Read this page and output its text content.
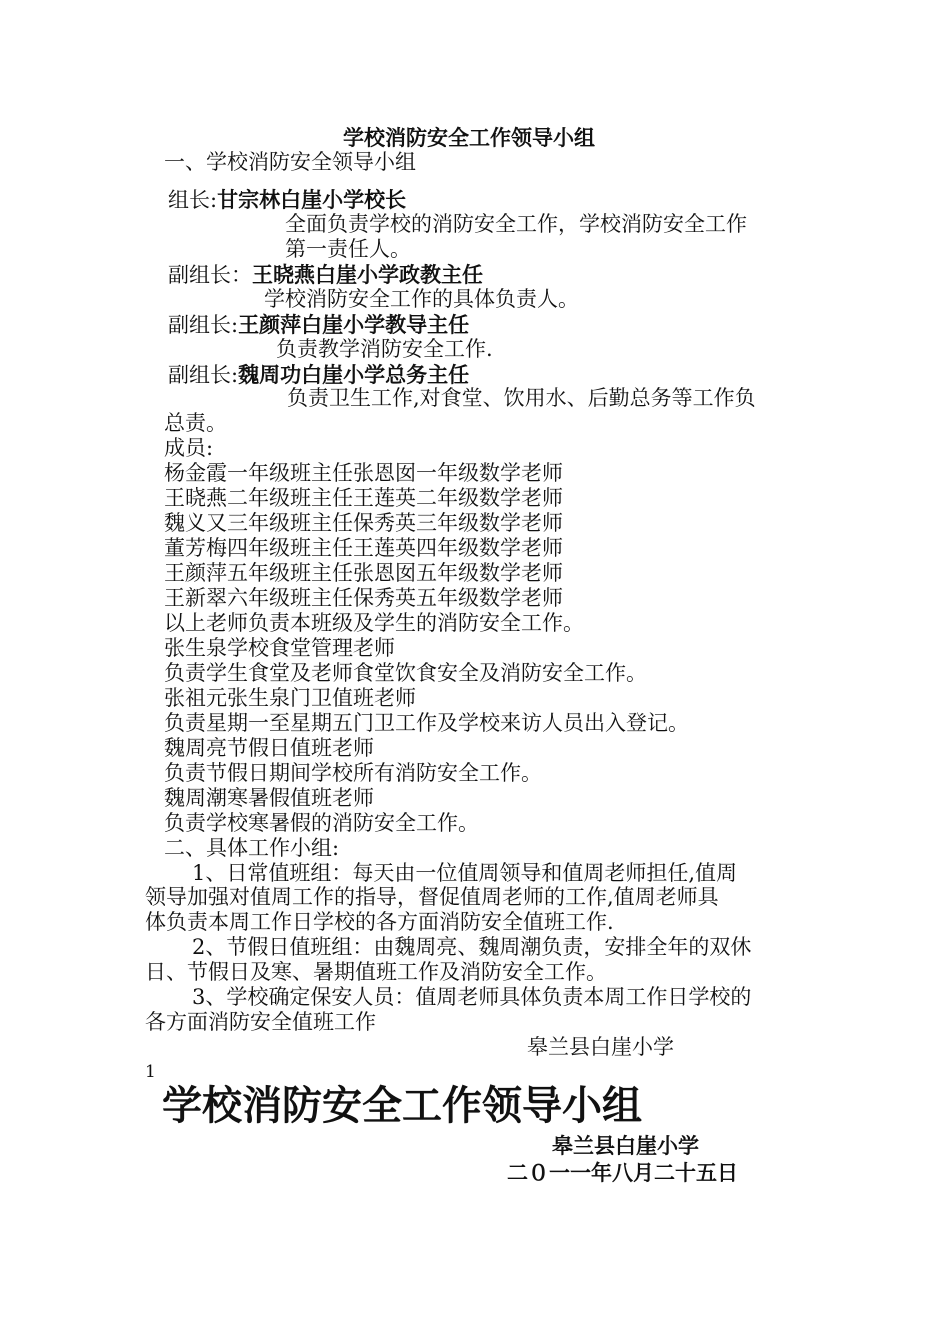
学校消防安全工作领导小组
一、学校消防安全领导小组
组长:甘宗林白崖小学校长
全面负责学校的消防安全工作，学校消防安全工作
第一责任人。
副组长：王晓燕白崖小学政教主任
学校消防安全工作的具体负责人。
副组长:王颜萍白崖小学教导主任
负责教学消防安全工作.
副组长:魏周功白崖小学总务主任
负责卫生工作,对食堂、饮用水、后勤总务等工作负
总责。
成员:
杨金霞一年级班主任张恩囡一年级数学老师
王晓燕二年级班主任王莲英二年级数学老师
魏义又三年级班主任保秀英三年级数学老师
董芳梅四年级班主任王莲英四年级数学老师
王颜萍五年级班主任张恩囡五年级数学老师
王新翠六年级班主任保秀英五年级数学老师
以上老师负责本班级及学生的消防安全工作。
张生泉学校食堂管理老师
负责学生食堂及老师食堂饮食安全及消防安全工作。
张祖元张生泉门卫值班老师
负责星期一至星期五门卫工作及学校来访人员出入登记。
魏周亮节假日值班老师
负责节假日期间学校所有消防安全工作。
魏周潮寒暑假值班老师
负责学校寒暑假的消防安全工作。
二、具体工作小组:
1、日常值班组：每天由一位值周领导和值周老师担任,值周
领导加强对值周工作的指导，督促值周老师的工作,值周老师具
体负责本周工作日学校的各方面消防安全值班工作.
2、节假日值班组：由魏周亮、魏周潮负责，安排全年的双休
日、节假日及寒、暑期值班工作及消防安全工作。
3、学校确定保安人员：值周老师具体负责本周工作日学校的
各方面消防安全值班工作
皋兰县白崖小学
1
学校消防安全工作领导小组
皋兰县白崖小学
二０一一年八月二十五日
